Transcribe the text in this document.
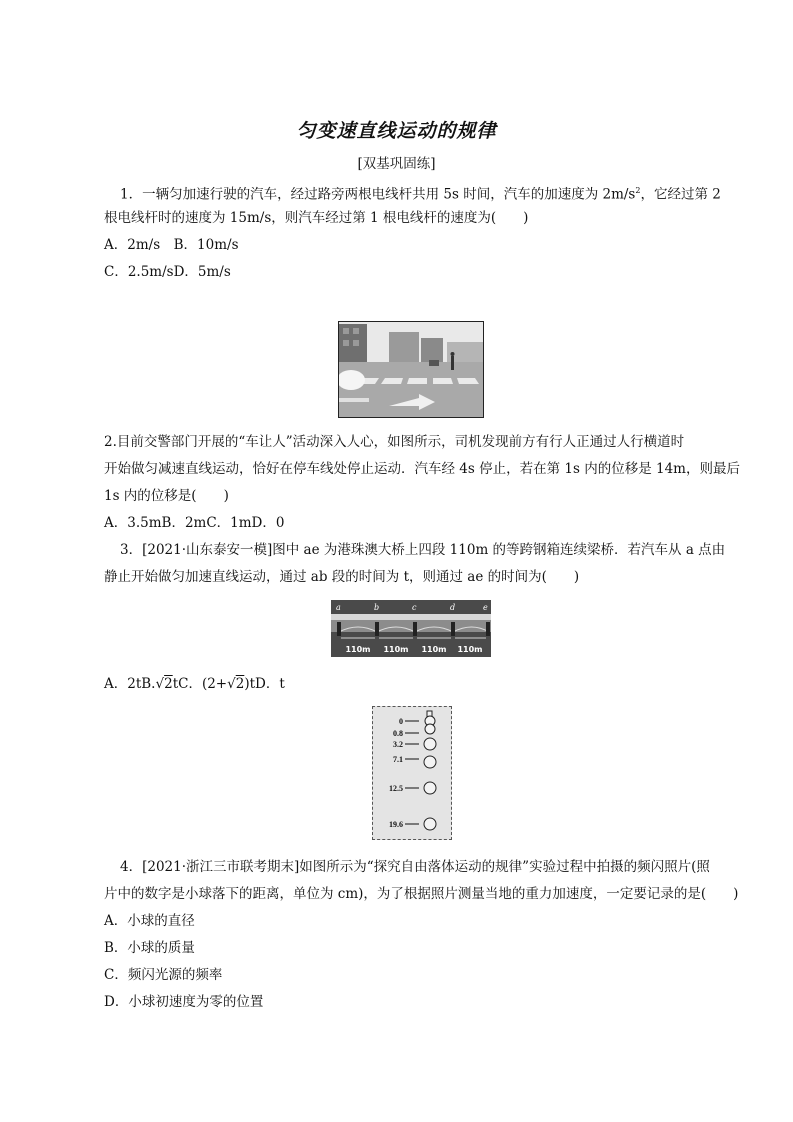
匀变速直线运动的规律
[双基巩固练]
1．一辆匀加速行驶的汽车，经过路旁两根电线杆共用 5s 时间，汽车的加速度为 $2m/s^2$，它经过第 2
根电线杆时的速度为 15m/s，则汽车经过第 1 根电线杆的速度为(　　)
A．2m/s　B．10m/s
C．2.5m/sD．5m/s
2.目前交警部门开展的“车让人”活动深入人心，如图所示，司机发现前方有行人正通过人行横道时
开始做匀减速直线运动，恰好在停车线处停止运动．汽车经 4s 停止，若在第 1s 内的位移是 14m，则最后
1s 内的位移是(　　)
A．3.5mB．2mC．1mD．0
3．[2021·山东泰安一模]图中 ae 为港珠澳大桥上四段 110m 的等跨钢箱连续梁桥．若汽车从 a 点由
静止开始做匀加速直线运动，通过 ab 段的时间为 t，则通过 ae 的时间为(　　)
a	b	c	d	e
110m 110m 110m 110m
A．2tB.√2tC．(2+√2)tD．t
0
0.8
3.2
7.1
12.5
19.6
4．[2021·浙江三市联考期末]如图所示为“探究自由落体运动的规律”实验过程中拍摄的频闪照片(照
片中的数字是小球落下的距离，单位为 cm)，为了根据照片测量当地的重力加速度，一定要记录的是(　　)
A．小球的直径
B．小球的质量
C．频闪光源的频率
D．小球初速度为零的位置
